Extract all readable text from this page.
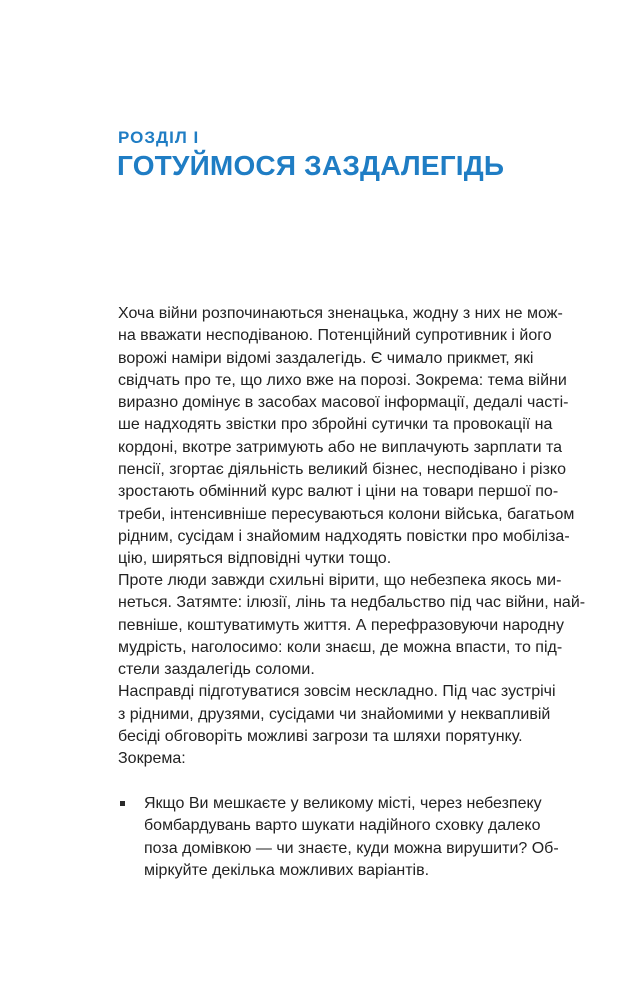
РОЗДІЛ І
ГОТУЙМОСЯ ЗАЗДАЛЕГІДЬ
Хоча війни розпочинаються зненацька, жодну з них не мож-
на вважати несподіваною. Потенційний супротивник і його
ворожі наміри відомі заздалегідь. Є чимало прикмет, які
свідчать про те, що лихо вже на порозі. Зокрема: тема війни
виразно домінує в засобах масової інформації, дедалі часті-
ше надходять звістки про збройні сутички та провокації на
кордоні, вкотре затримують або не виплачують зарплати та
пенсії, згортає діяльність великий бізнес, несподівано і різко
зростають обмінний курс валют і ціни на товари першої по-
треби, інтенсивніше пересуваються колони війська, багатьом
рідним, сусідам і знайомим надходять повістки про мобіліза-
цію, ширяться відповідні чутки тощо.
Проте люди завжди схильні вірити, що небезпека якось ми-
неться. Затямте: ілюзії, лінь та недбальство під час війни, най-
певніше, коштуватимуть життя. А перефразовуючи народну
мудрість, наголосимо: коли знаєш, де можна впасти, то під-
стели заздалегідь соломи.
Насправді підготуватися зовсім нескладно. Під час зустрічі
з рідними, друзями, сусідами чи знайомими у неквапливій
бесіді обговоріть можливі загрози та шляхи порятунку.
Зокрема:
Якщо Ви мешкаєте у великому місті, через небезпеку
бомбардувань варто шукати надійного сховку далеко
поза домівкою — чи знаєте, куди можна вирушити? Об-
міркуйте декілька можливих варіантів.
